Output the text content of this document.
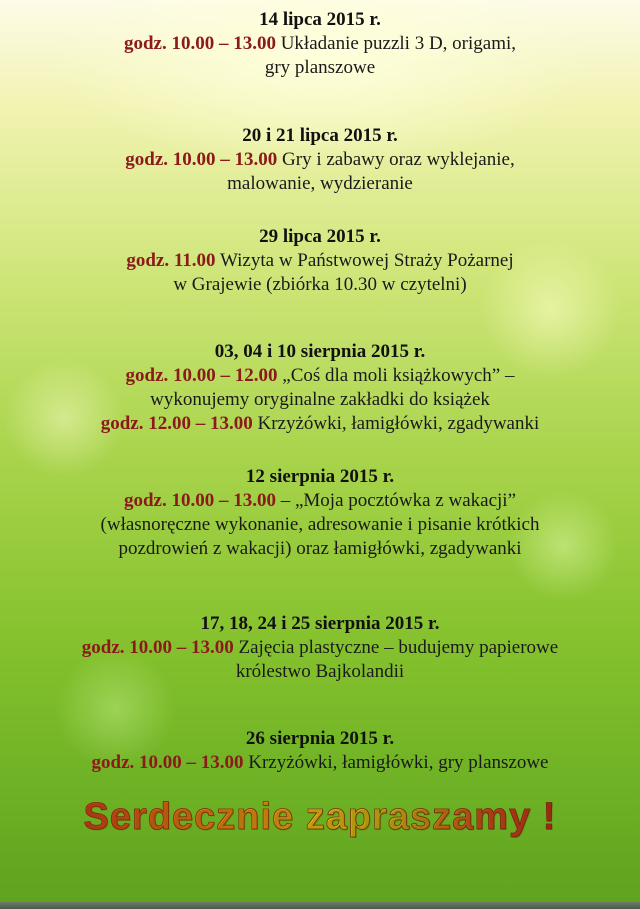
14 lipca 2015 r.
godz. 10.00 – 13.00 Układanie puzzli 3 D, origami,
gry planszowe
20 i 21 lipca 2015 r.
godz. 10.00 – 13.00 Gry i zabawy oraz wyklejanie,
malowanie, wydzieranie
29 lipca 2015 r.
godz. 11.00 Wizyta w Państwowej Straży Pożarnej
w Grajewie (zbiórka 10.30 w czytelni)
03, 04 i 10 sierpnia 2015 r.
godz. 10.00 – 12.00 „Coś dla moli książkowych” –
wykonujemy oryginalne zakładki do książek
godz. 12.00 – 13.00 Krzyżówki, łamigłówki, zgadywanki
12 sierpnia 2015 r.
godz. 10.00 – 13.00 – „Moja pocztówka z wakacji”
(własnoręczne wykonanie, adresowanie i pisanie krótkich
pozdrowień z wakacji) oraz łamigłówki, zgadywanki
17, 18, 24 i 25 sierpnia 2015 r.
godz. 10.00 – 13.00 Zajęcia plastyczne – budujemy papierowe
królestwo Bajkolandii
26 sierpnia 2015 r.
godz. 10.00 – 13.00 Krzyżówki, łamigłówki, gry planszowe
Serdecznie zapraszamy !
